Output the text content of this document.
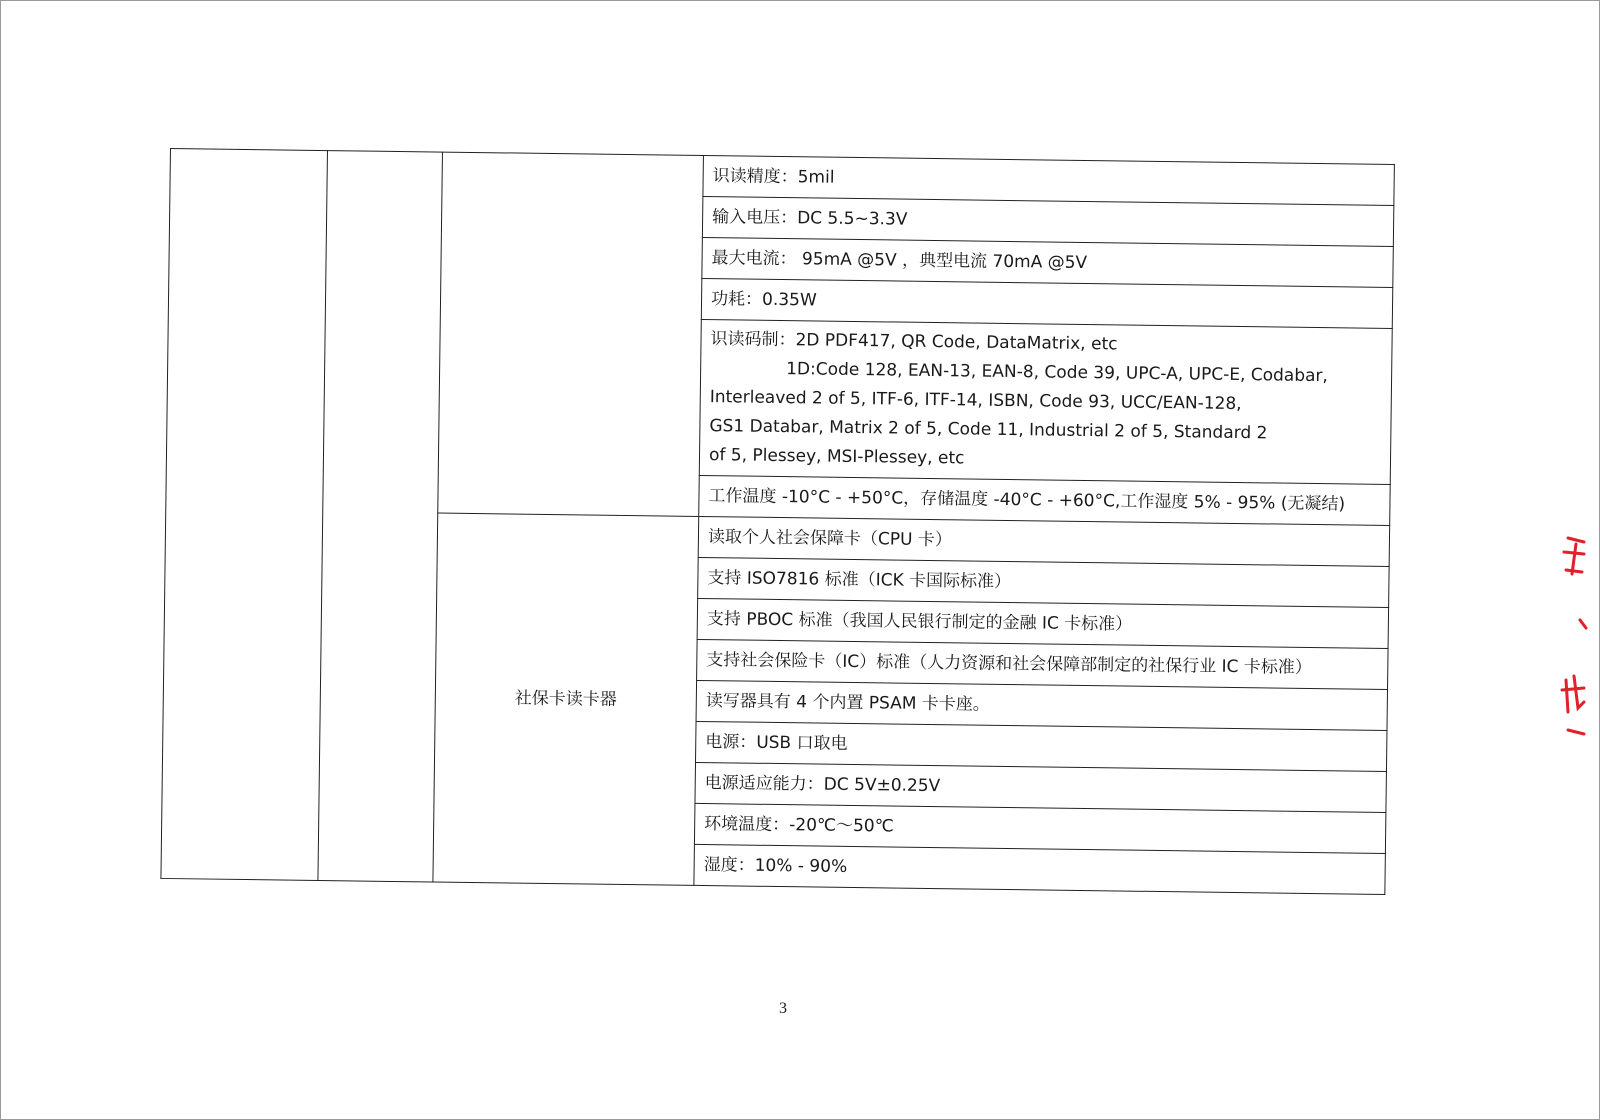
			识读精度：5mil
			输入电压：DC 5.5~3.3V
			最大电流： 95mA @5V ，典型电流 70mA @5V
			功耗：0.35W
			识读码制：2D PDF417, QR Code, DataMatrix, etc
1D:Code 128, EAN-13, EAN-8, Code 39, UPC-A, UPC-E, Codabar,
Interleaved 2 of 5, ITF-6, ITF-14, ISBN, Code 93, UCC/EAN-128,
GS1 Databar, Matrix 2 of 5, Code 11, Industrial 2 of 5, Standard 2
of 5, Plessey, MSI-Plessey, etc

			工作温度 -10°C - +50°C，存储温度 -40°C - +60°C,工作湿度 5% - 95% (无凝结)
		社保卡读卡器	读取个人社会保障卡（CPU 卡）
			支持 ISO7816 标准（ICK 卡国际标准）
			支持 PBOC 标准（我国人民银行制定的金融 IC 卡标准）
			支持社会保险卡（IC）标准（人力资源和社会保障部制定的社保行业 IC 卡标准）
			读写器具有 4 个内置 PSAM 卡卡座。
			电源：USB 口取电
			电源适应能力：DC 5V±0.25V
			环境温度：-20℃～50℃
			湿度：10% - 90%
3
